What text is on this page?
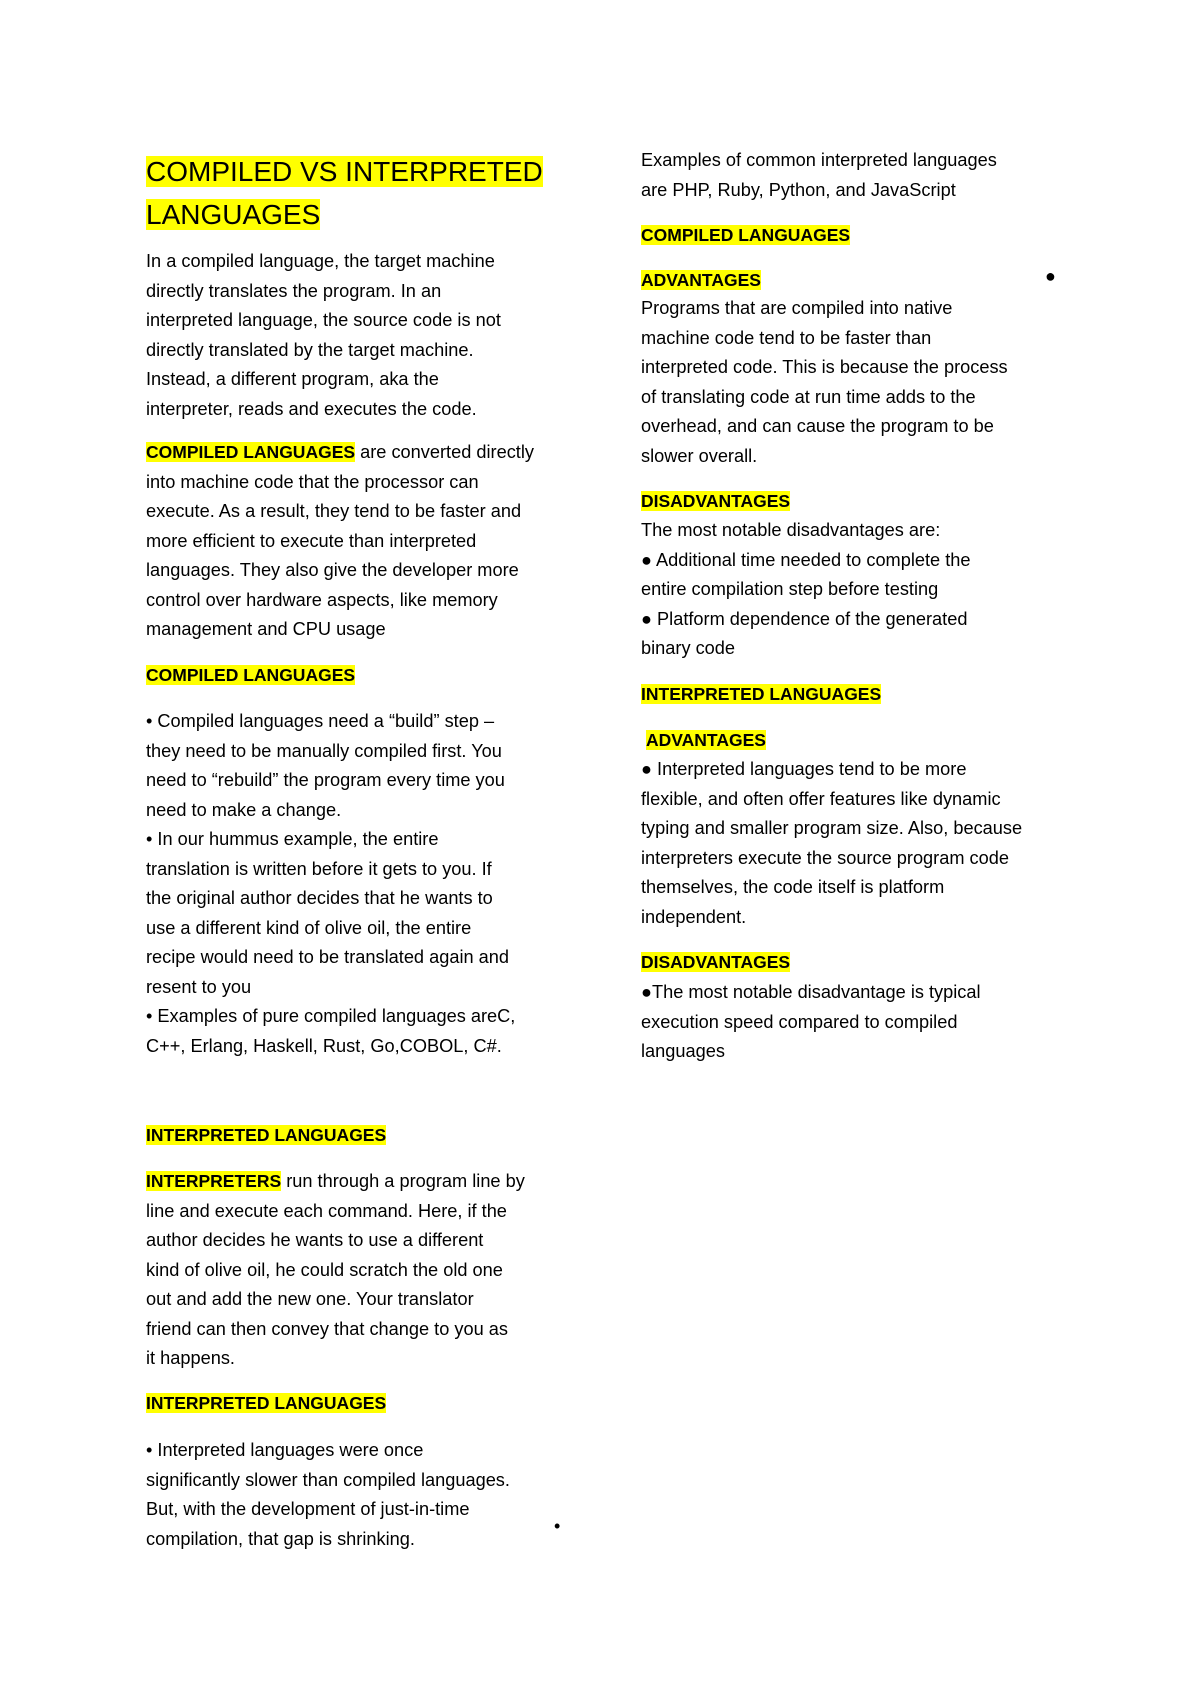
COMPILED VS INTERPRETED
LANGUAGES
In a compiled language, the target machine
directly translates the program. In an
interpreted language, the source code is not
directly translated by the target machine.
Instead, a different program, aka the
interpreter, reads and executes the code.
COMPILED LANGUAGES are converted directly
into machine code that the processor can
execute. As a result, they tend to be faster and
more efficient to execute than interpreted
languages. They also give the developer more
control over hardware aspects, like memory
management and CPU usage
COMPILED LANGUAGES
• Compiled languages need a “build” step –
they need to be manually compiled first. You
need to “rebuild” the program every time you
need to make a change.
• In our hummus example, the entire
translation is written before it gets to you. If
the original author decides that he wants to
use a different kind of olive oil, the entire
recipe would need to be translated again and
resent to you
• Examples of pure compiled languages areC,
C++, Erlang, Haskell, Rust, Go,COBOL, C#.
INTERPRETED LANGUAGES
INTERPRETERS run through a program line by
line and execute each command. Here, if the
author decides he wants to use a different
kind of olive oil, he could scratch the old one
out and add the new one. Your translator
friend can then convey that change to you as
it happens.
INTERPRETED LANGUAGES
• Interpreted languages were once
significantly slower than compiled languages.
But, with the development of just-in-time
compilation, that gap is shrinking.
•
Examples of common interpreted languages
are PHP, Ruby, Python, and JavaScript
COMPILED LANGUAGES
ADVANTAGES	●
Programs that are compiled into native
machine code tend to be faster than
interpreted code. This is because the process
of translating code at run time adds to the
overhead, and can cause the program to be
slower overall.
DISADVANTAGES
The most notable disadvantages are:
● Additional time needed to complete the
entire compilation step before testing
● Platform dependence of the generated
binary code
INTERPRETED LANGUAGES
ADVANTAGES
● Interpreted languages tend to be more
flexible, and often offer features like dynamic
typing and smaller program size. Also, because
interpreters execute the source program code
themselves, the code itself is platform
independent.
DISADVANTAGES
●The most notable disadvantage is typical
execution speed compared to compiled
languages
